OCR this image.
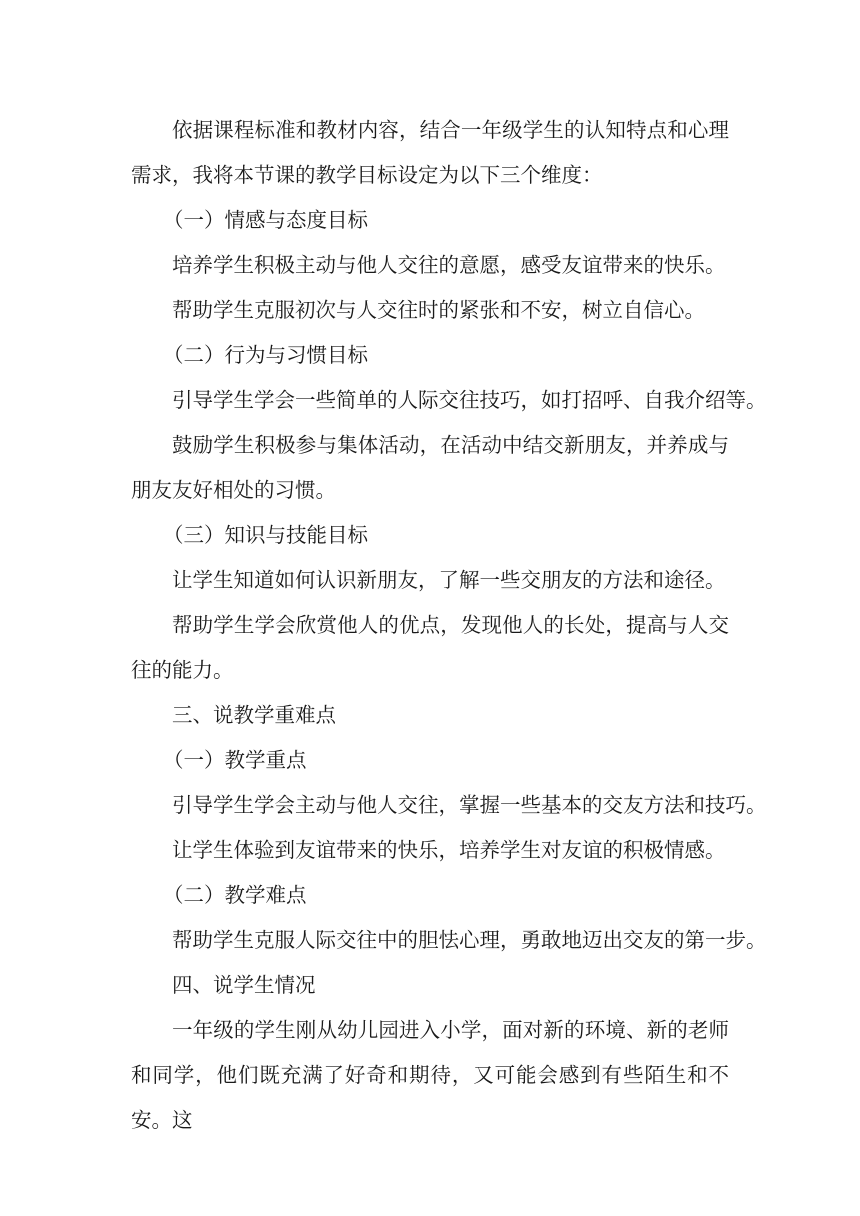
依据课程标准和教材内容，结合一年级学生的认知特点和心理需求，我将本节课的教学目标设定为以下三个维度：

（一）情感与态度目标

培养学生积极主动与他人交往的意愿，感受友谊带来的快乐。

帮助学生克服初次与人交往时的紧张和不安，树立自信心。

（二）行为与习惯目标

引导学生学会一些简单的人际交往技巧，如打招呼、自我介绍等。

鼓励学生积极参与集体活动，在活动中结交新朋友，并养成与朋友友好相处的习惯。

（三）知识与技能目标

让学生知道如何认识新朋友，了解一些交朋友的方法和途径。

帮助学生学会欣赏他人的优点，发现他人的长处，提高与人交往的能力。

三、说教学重难点

（一）教学重点

引导学生学会主动与他人交往，掌握一些基本的交友方法和技巧。

让学生体验到友谊带来的快乐，培养学生对友谊的积极情感。

（二）教学难点

帮助学生克服人际交往中的胆怯心理，勇敢地迈出交友的第一步。

四、说学生情况

一年级的学生刚从幼儿园进入小学，面对新的环境、新的老师和同学，他们既充满了好奇和期待，又可能会感到有些陌生和不安。这
